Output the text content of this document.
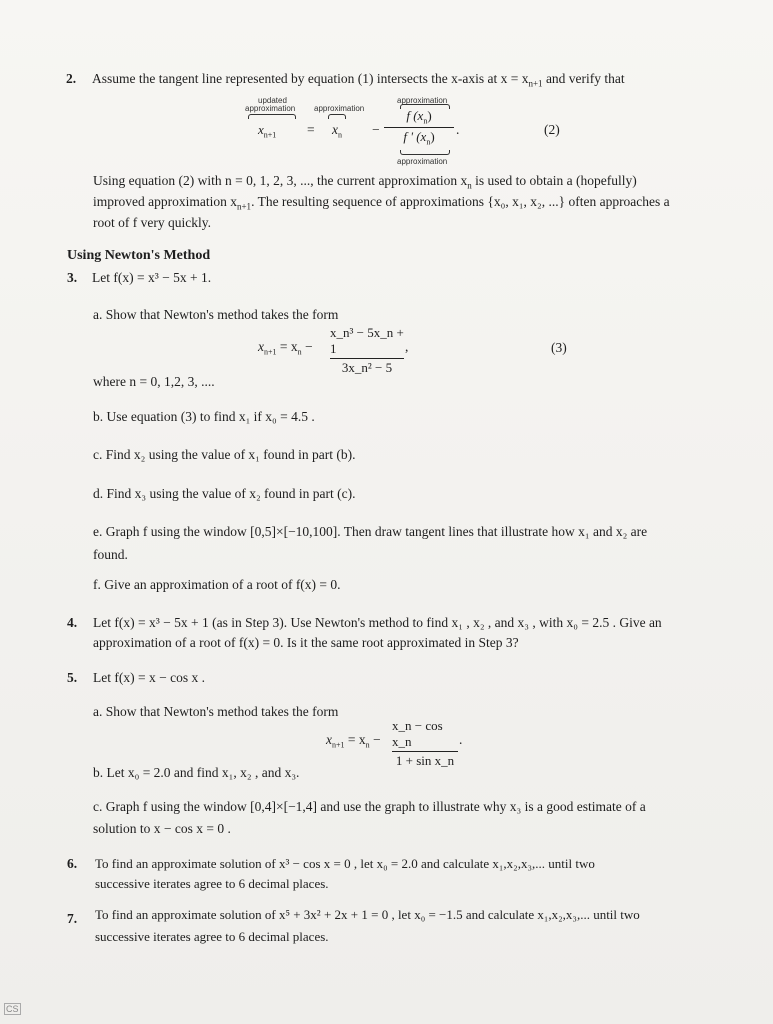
2. Assume the tangent line represented by equation (1) intersects the x-axis at $x = x_{n+1}$ and verify that
updated
approximation approximation
approximation
approximation
$x_{n+1} = x_n$ −
f $(x_n)$
f ' $(x_n)$ .	(2)
Using equation (2) with n = 0, 1, 2, 3, ..., the current approximation $x_n$ is used to obtain a (hopefully)
improved approximation $x_{n+1}$. The resulting sequence of approximations {x₀, x₁, x₂, ...} often approaches a
root of f very quickly.
Using Newton's Method
3. Let f(x) = x³ − 5x + 1.
a. Show that Newton's method takes the form
$x_{n+1} = x_n$ −
x_n³ − 5x_n + 1
3x_n² − 5
,	(3)
where n = 0, 1,2, 3, ....
b. Use equation (3) to find x₁ if x₀ = 4.5 .
c. Find x₂ using the value of x₁ found in part (b).
d. Find x₃ using the value of x₂ found in part (c).
e. Graph f using the window [0,5]×[−10,100]. Then draw tangent lines that illustrate how x₁ and x₂ are
found.
f. Give an approximation of a root of f(x) = 0.
4. Let f(x) = x³ − 5x + 1 (as in Step 3). Use Newton's method to find x₁ , x₂ , and x₃ , with x₀ = 2.5 . Give an
approximation of a root of f(x) = 0. Is it the same root approximated in Step 3?
5. Let f(x) = x − cos x .
a. Show that Newton's method takes the form
$x_{n+1} = x_n$ −
x_n − cos x_n
1 + sin x_n
.
b. Let x₀ = 2.0 and find x₁, x₂ , and x₃.
c. Graph f using the window [0,4]×[−1,4] and use the graph to illustrate why x₃ is a good estimate of a
solution to x − cos x = 0 .
6. To find an approximate solution of x³ − cos x = 0 , let x₀ = 2.0 and calculate x₁,x₂,x₃,... until two
successive iterates agree to 6 decimal places.
7. To find an approximate solution of x⁵ + 3x² + 2x + 1 = 0 , let x₀ = −1.5 and calculate x₁,x₂,x₃,... until two
successive iterates agree to 6 decimal places.
CS
